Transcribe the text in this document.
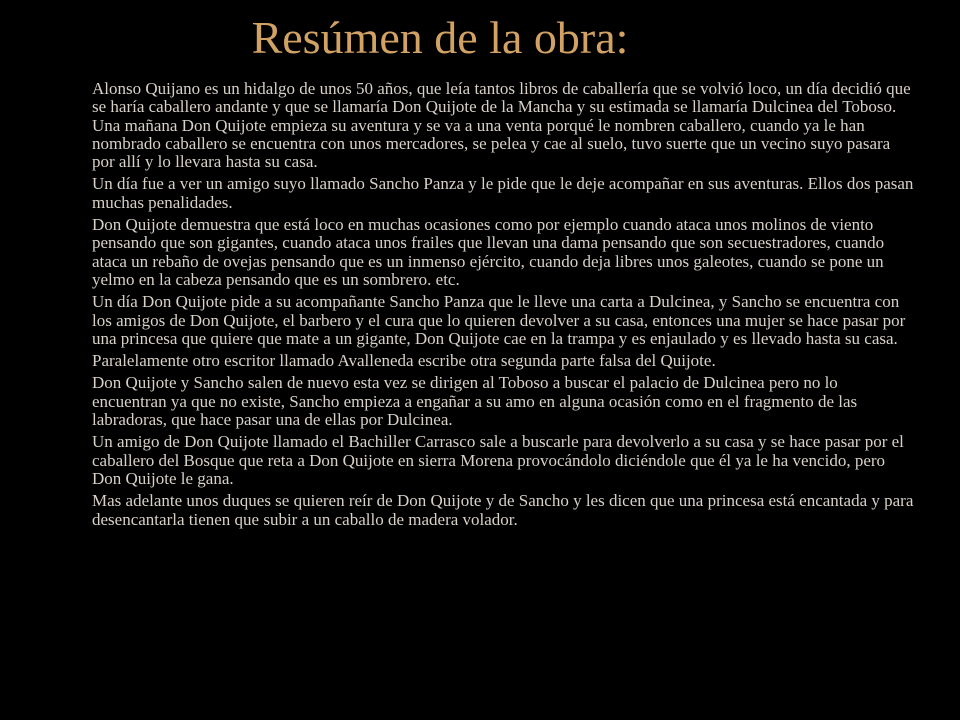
Resúmen de la obra:

Alonso Quijano es un hidalgo de unos 50 años, que leía tantos libros de caballería que se volvió loco, un día decidió que se haría caballero andante y que se llamaría Don Quijote de la Mancha y su estimada se llamaría Dulcinea del Toboso. Una mañana Don Quijote empieza su aventura y se va a una venta porqué le nombren caballero, cuando ya le han nombrado caballero se encuentra con unos mercadores, se pelea y cae al suelo, tuvo suerte que un vecino suyo pasara por allí y lo llevara hasta su casa.

Un día fue a ver un amigo suyo llamado Sancho Panza y le pide que le deje acompañar en sus aventuras. Ellos dos pasan muchas penalidades.

Don Quijote demuestra que está loco en muchas ocasiones como por ejemplo cuando ataca unos molinos de viento pensando que son gigantes, cuando ataca unos frailes que llevan una dama pensando que son secuestradores, cuando ataca un rebaño de ovejas pensando que es un inmenso ejército, cuando deja libres unos galeotes, cuando se pone un yelmo en la cabeza pensando que es un sombrero. etc.

Un día Don Quijote pide a su acompañante Sancho Panza que le lleve una carta a Dulcinea, y Sancho se encuentra con los amigos de Don Quijote, el barbero y el cura que lo quieren devolver a su casa, entonces una mujer se hace pasar por una princesa que quiere que mate a un gigante, Don Quijote cae en la trampa y es enjaulado y es llevado hasta su casa.

Paralelamente otro escritor llamado Avalleneda escribe otra segunda parte falsa del Quijote.

Don Quijote y Sancho salen de nuevo esta vez se dirigen al Toboso a buscar el palacio de Dulcinea pero no lo encuentran ya que no existe, Sancho empieza a engañar a su amo en alguna ocasión como en el fragmento de las labradoras, que hace pasar una de ellas por Dulcinea.

Un amigo de Don Quijote llamado el Bachiller Carrasco sale a buscarle para devolverlo a su casa y se hace pasar por el caballero del Bosque que reta a Don Quijote en sierra Morena provocándolo diciéndole que él ya le ha vencido, pero Don Quijote le gana.

Mas adelante unos duques se quieren reír de Don Quijote y de Sancho y les dicen que una princesa está encantada y para desencantarla tienen que subir a un caballo de madera volador.
